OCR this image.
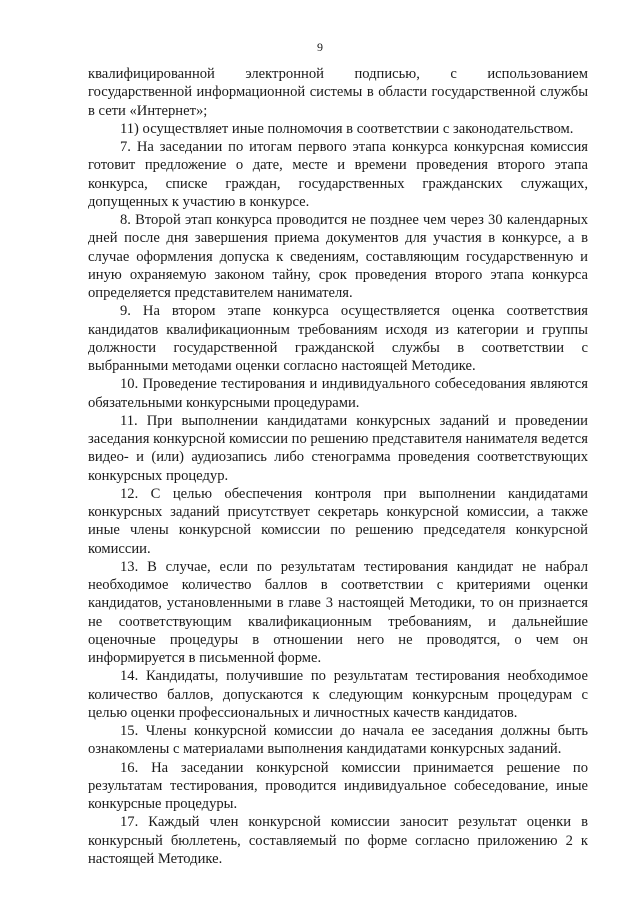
9

квалифицированной электронной подписью, с использованием государственной информационной системы в области государственной службы в сети «Интернет»;

11) осуществляет иные полномочия в соответствии с законодательством.

7. На заседании по итогам первого этапа конкурса конкурсная комиссия готовит предложение о дате, месте и времени проведения второго этапа конкурса, списке граждан, государственных гражданских служащих, допущенных к участию в конкурсе.

8. Второй этап конкурса проводится не позднее чем через 30 календарных дней после дня завершения приема документов для участия в конкурсе, а в случае оформления допуска к сведениям, составляющим государственную и иную охраняемую законом тайну, срок проведения второго этапа конкурса определяется представителем нанимателя.

9. На втором этапе конкурса осуществляется оценка соответствия кандидатов квалификационным требованиям исходя из категории и группы должности государственной гражданской службы в соответствии с выбранными методами оценки согласно настоящей Методике.

10. Проведение тестирования и индивидуального собеседования являются обязательными конкурсными процедурами.

11. При выполнении кандидатами конкурсных заданий и проведении заседания конкурсной комиссии по решению представителя нанимателя ведется видео- и (или) аудиозапись либо стенограмма проведения соответствующих конкурсных процедур.

12. С целью обеспечения контроля при выполнении кандидатами конкурсных заданий присутствует секретарь конкурсной комиссии, а также иные члены конкурсной комиссии по решению председателя конкурсной комиссии.

13. В случае, если по результатам тестирования кандидат не набрал необходимое количество баллов в соответствии с критериями оценки кандидатов, установленными в главе 3 настоящей Методики, то он признается не соответствующим квалификационным требованиям, и дальнейшие оценочные процедуры в отношении него не проводятся, о чем он информируется в письменной форме.

14. Кандидаты, получившие по результатам тестирования необходимое количество баллов, допускаются к следующим конкурсным процедурам с целью оценки профессиональных и личностных качеств кандидатов.

15. Члены конкурсной комиссии до начала ее заседания должны быть ознакомлены с материалами выполнения кандидатами конкурсных заданий.

16. На заседании конкурсной комиссии принимается решение по результатам тестирования, проводится индивидуальное собеседование, иные конкурсные процедуры.

17. Каждый член конкурсной комиссии заносит результат оценки в конкурсный бюллетень, составляемый по форме согласно приложению 2 к настоящей Методике.
